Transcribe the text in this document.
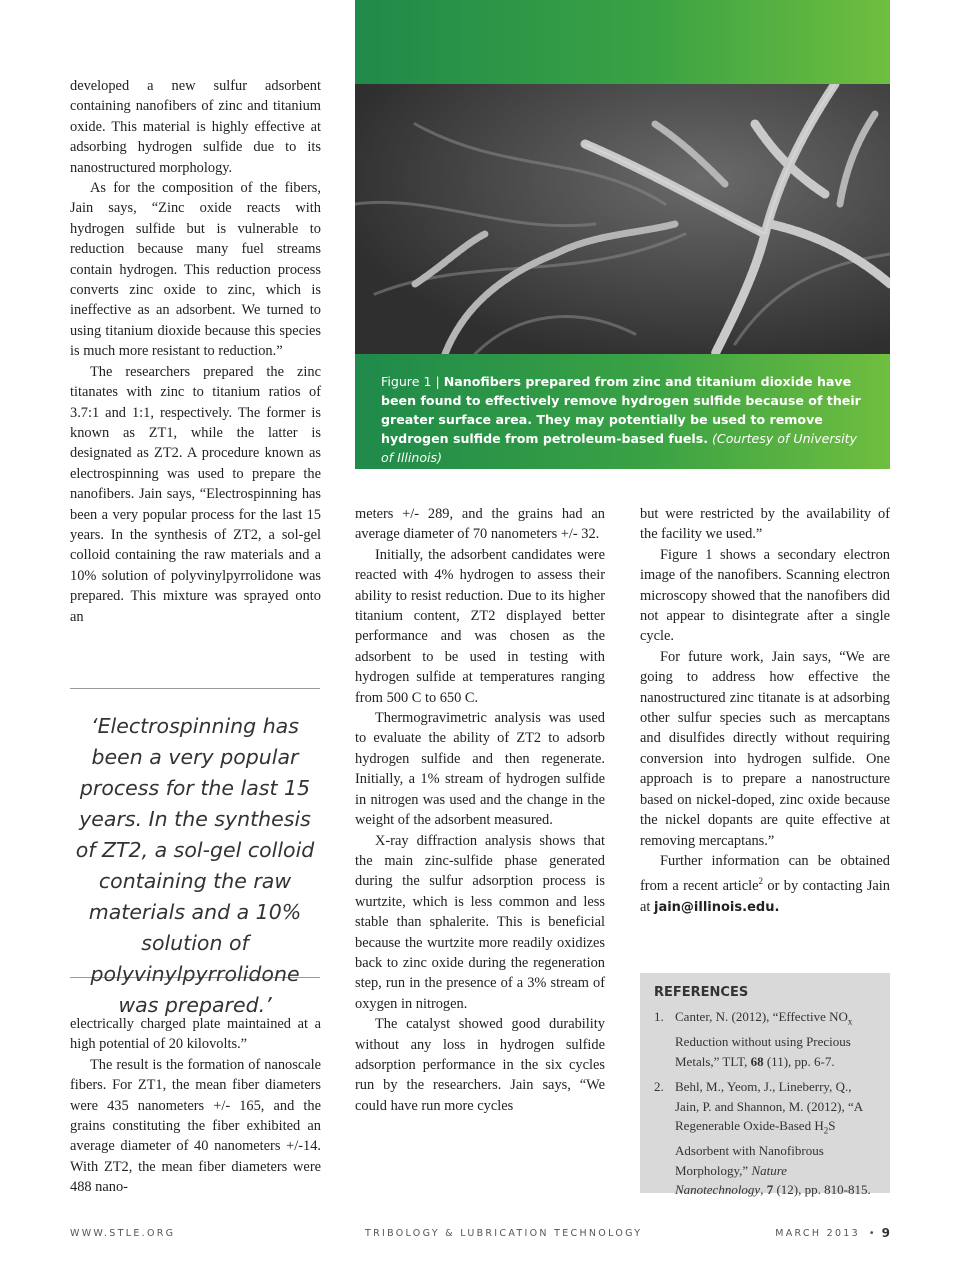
developed a new sulfur adsorbent containing nanofibers of zinc and titanium oxide. This material is highly effective at adsorbing hydrogen sulfide due to its nanostructured morphology.

As for the composition of the fibers, Jain says, “Zinc oxide reacts with hydrogen sulfide but is vulnerable to reduction because many fuel streams contain hydrogen. This reduction process converts zinc oxide to zinc, which is ineffective as an adsorbent. We turned to using titanium dioxide because this species is much more resistant to reduction.”

The researchers prepared the zinc titanates with zinc to titanium ratios of 3.7:1 and 1:1, respectively. The former is known as ZT1, while the latter is designated as ZT2. A procedure known as electrospinning was used to prepare the nanofibers. Jain says, “Electrospinning has been a very popular process for the last 15 years. In the synthesis of ZT2, a sol-gel colloid containing the raw materials and a 10% solution of polyvinylpyrrolidone was prepared. This mixture was sprayed onto an

‘Electrospinning has been a very popular process for the last 15 years. In the synthesis of ZT2, a sol-gel colloid containing the raw materials and a 10% solution of polyvinylpyrrolidone was prepared.’

electrically charged plate maintained at a high potential of 20 kilovolts.”

The result is the formation of nanoscale fibers. For ZT1, the mean fiber diameters were 435 nanometers +/- 165, and the grains constituting the fiber exhibited an average diameter of 40 nanometers +/-14. With ZT2, the mean fiber diameters were 488 nano-

Figure 1 | Nanofibers prepared from zinc and titanium dioxide have been found to effectively remove hydrogen sulfide because of their greater surface area. They may potentially be used to remove hydrogen sulfide from petroleum-based fuels. (Courtesy of University of Illinois)

meters +/- 289, and the grains had an average diameter of 70 nanometers +/- 32.

Initially, the adsorbent candidates were reacted with 4% hydrogen to assess their ability to resist reduction. Due to its higher titanium content, ZT2 displayed better performance and was chosen as the adsorbent to be used in testing with hydrogen sulfide at temperatures ranging from 500 C to 650 C.

Thermogravimetric analysis was used to evaluate the ability of ZT2 to adsorb hydrogen sulfide and then regenerate. Initially, a 1% stream of hydrogen sulfide in nitrogen was used and the change in the weight of the adsorbent measured.

X-ray diffraction analysis shows that the main zinc-sulfide phase generated during the sulfur adsorption process is wurtzite, which is less common and less stable than sphalerite. This is beneficial because the wurtzite more readily oxidizes back to zinc oxide during the regeneration step, run in the presence of a 3% stream of oxygen in nitrogen.

The catalyst showed good durability without any loss in hydrogen sulfide adsorption performance in the six cycles run by the researchers. Jain says, “We could have run more cycles

but were restricted by the availability of the facility we used.”

Figure 1 shows a secondary electron image of the nanofibers. Scanning electron microscopy showed that the nanofibers did not appear to disintegrate after a single cycle.

For future work, Jain says, “We are going to address how effective the nanostructured zinc titanate is at adsorbing other sulfur species such as mercaptans and disulfides directly without requiring conversion into hydrogen sulfide. One approach is to prepare a nanostructure based on nickel-doped, zinc oxide because the nickel dopants are quite effective at removing mercaptans.”

Further information can be obtained from a recent article$^2$ or by contacting Jain at jain@illinois.edu.

REFERENCES
1. Canter, N. (2012), “Effective $NO_x$ Reduction without using Precious Metals,” TLT, 68 (11), pp. 6-7.
2. Behl, M., Yeom, J., Lineberry, Q., Jain, P. and Shannon, M. (2012), “A Regenerable Oxide-Based $H_2S$ Adsorbent with Nanofibrous Morphology,” Nature Nanotechnology, 7 (12), pp. 810-815.
WWW.STLE.ORG	TRIBOLOGY & LUBRICATION TECHNOLOGY	MARCH 2013 • 9
